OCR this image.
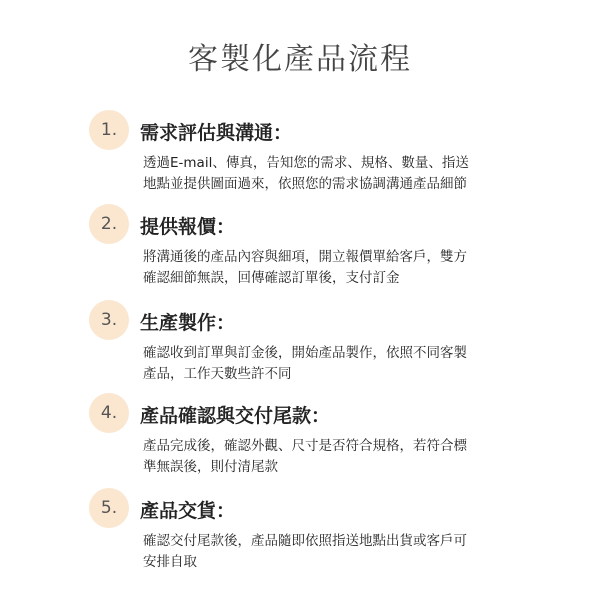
客製化產品流程
1.	需求評估與溝通：
透過E-mail、傳真，告知您的需求、規格、數量、指送
地點並提供圖面過來，依照您的需求協調溝通產品細節
2.	提供報價：
將溝通後的產品內容與細項，開立報價單給客戶，雙方
確認細節無誤，回傳確認訂單後，支付訂金
3.	生產製作：
確認收到訂單與訂金後，開始產品製作，依照不同客製
產品，工作天數些許不同
4.	產品確認與交付尾款：
產品完成後，確認外觀、尺寸是否符合規格，若符合標
準無誤後，則付清尾款
5.	產品交貨：
確認交付尾款後，產品隨即依照指送地點出貨或客戶可
安排自取
